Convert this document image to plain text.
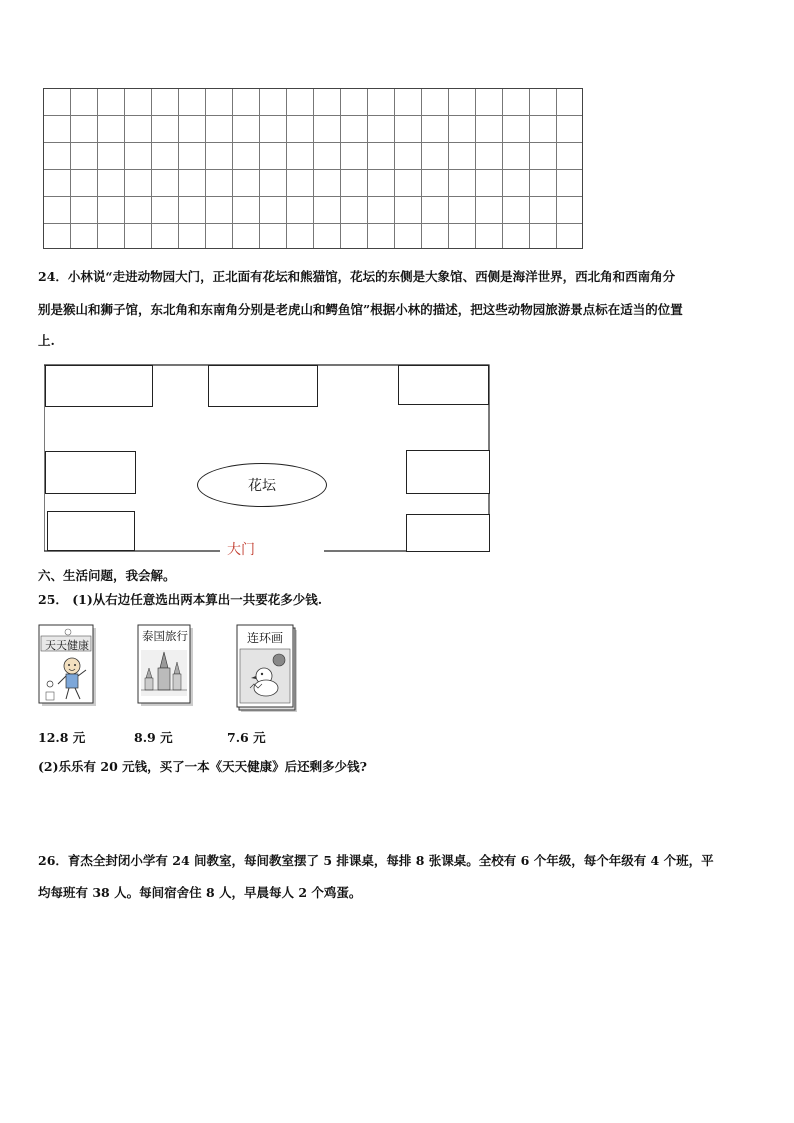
24．小林说“走进动物园大门，正北面有花坛和熊猫馆，花坛的东侧是大象馆、西侧是海洋世界，西北角和西南角分
别是猴山和狮子馆，东北角和东南角分别是老虎山和鳄鱼馆”根据小林的描述，把这些动物园旅游景点标在适当的位置
上.
花坛
大门
六、生活问题，我会解。
25． (1)从右边任意选出两本算出一共要花多少钱.
天天健康
泰国旅行	连环画
12.8 元	8.9 元	7.6 元
(2)乐乐有 20 元钱，买了一本《天天健康》后还剩多少钱?
26．育杰全封闭小学有 24 间教室，每间教室摆了 5 排课桌，每排 8 张课桌。全校有 6 个年级，每个年级有 4 个班，平
均每班有 38 人。每间宿舍住 8 人，早晨每人 2 个鸡蛋。
